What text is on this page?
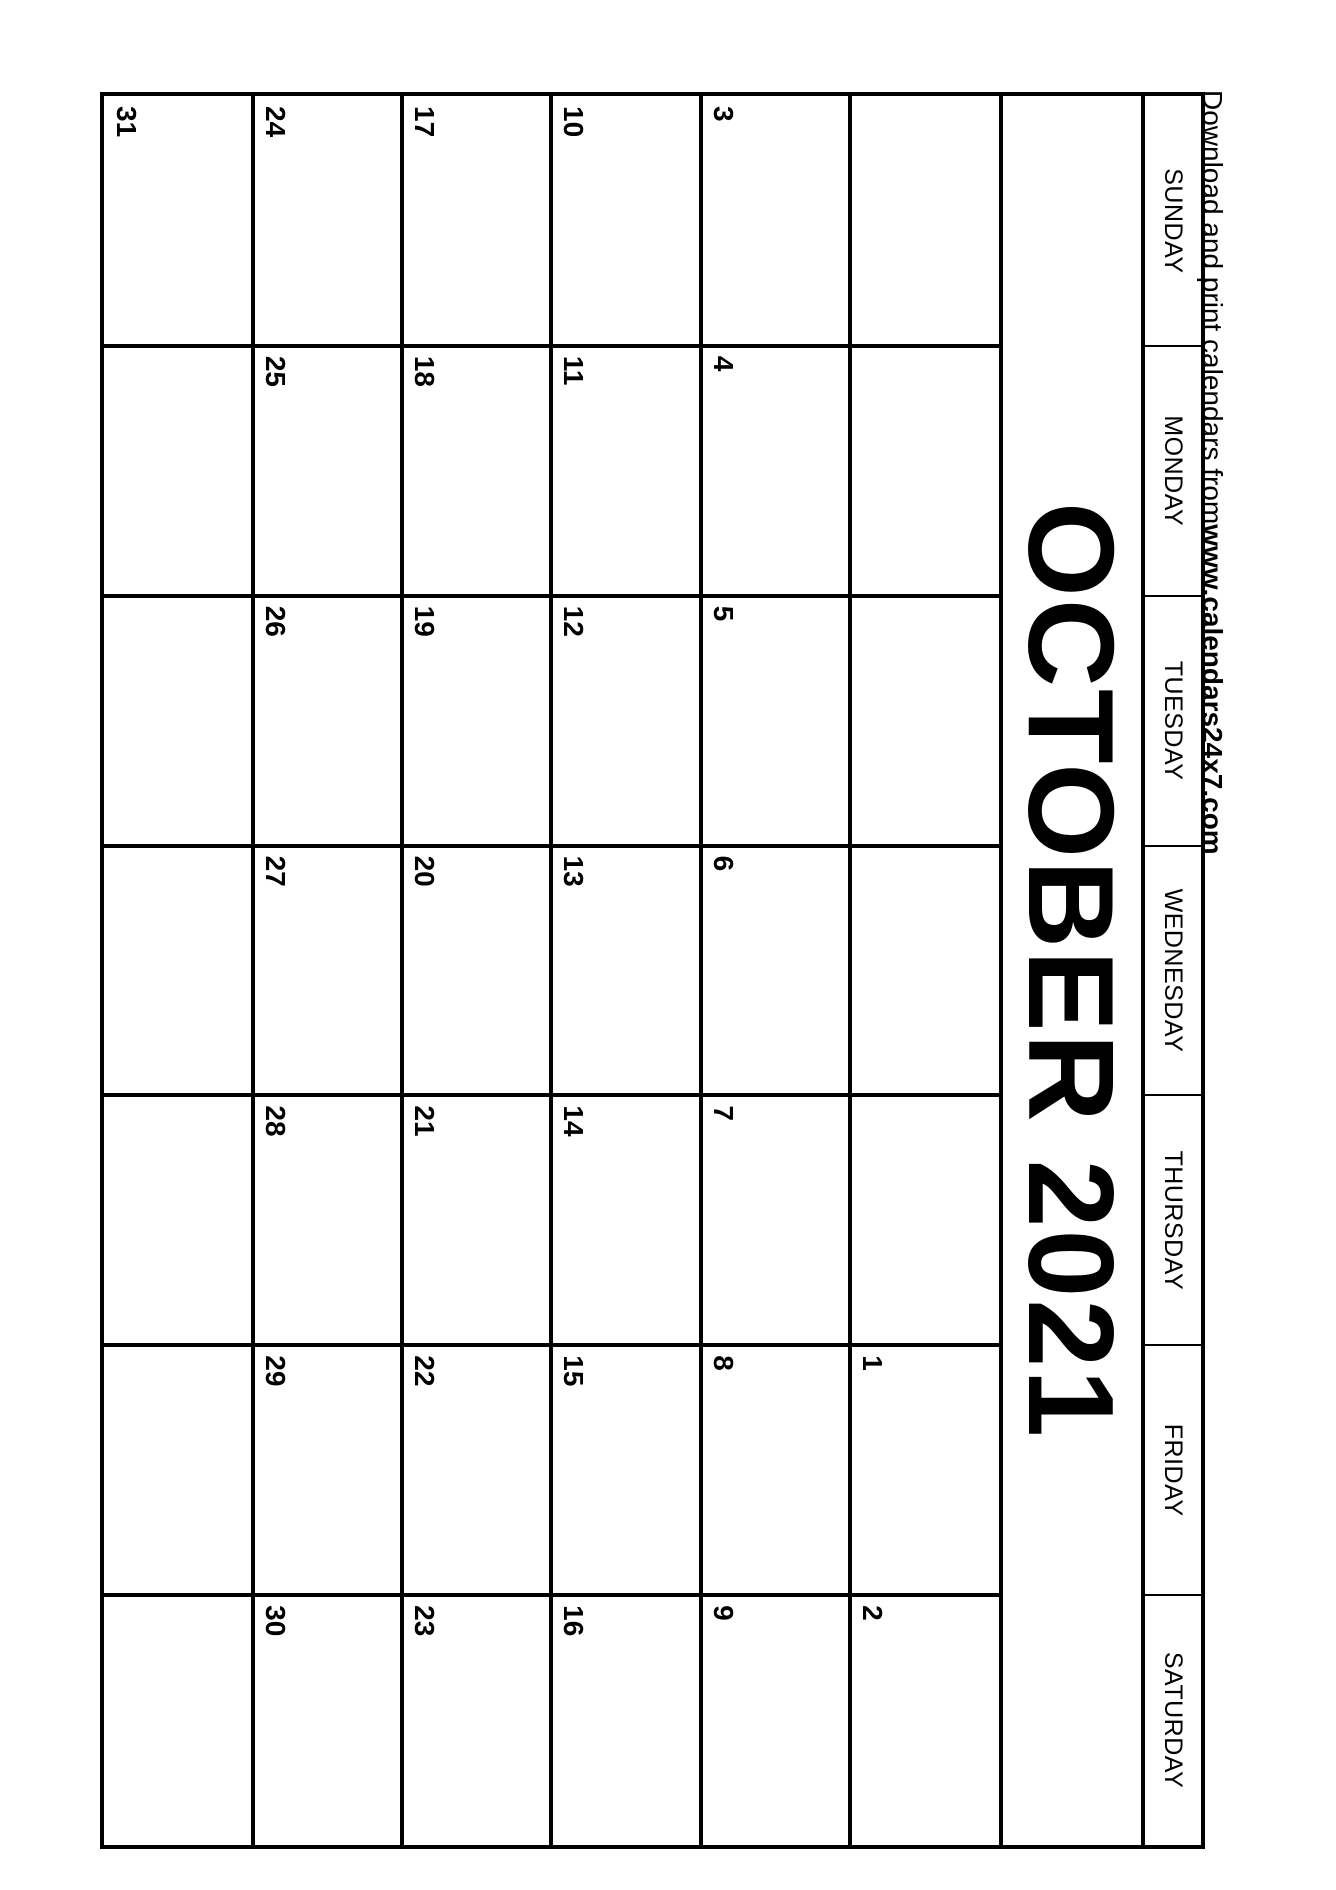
OCTOBER 2021
SUNDAY
MONDAY
TUESDAY
WEDNESDAY
THURSDAY
FRIDAY
SATURDAY
1
2
3
4
5
6
7
8
9
10
11
12
13
14
15
16
17
18
19
20
21
22
23
24
25
26
27
28
29
30
31	Download and print calendars from
www.calendars24x7.com
